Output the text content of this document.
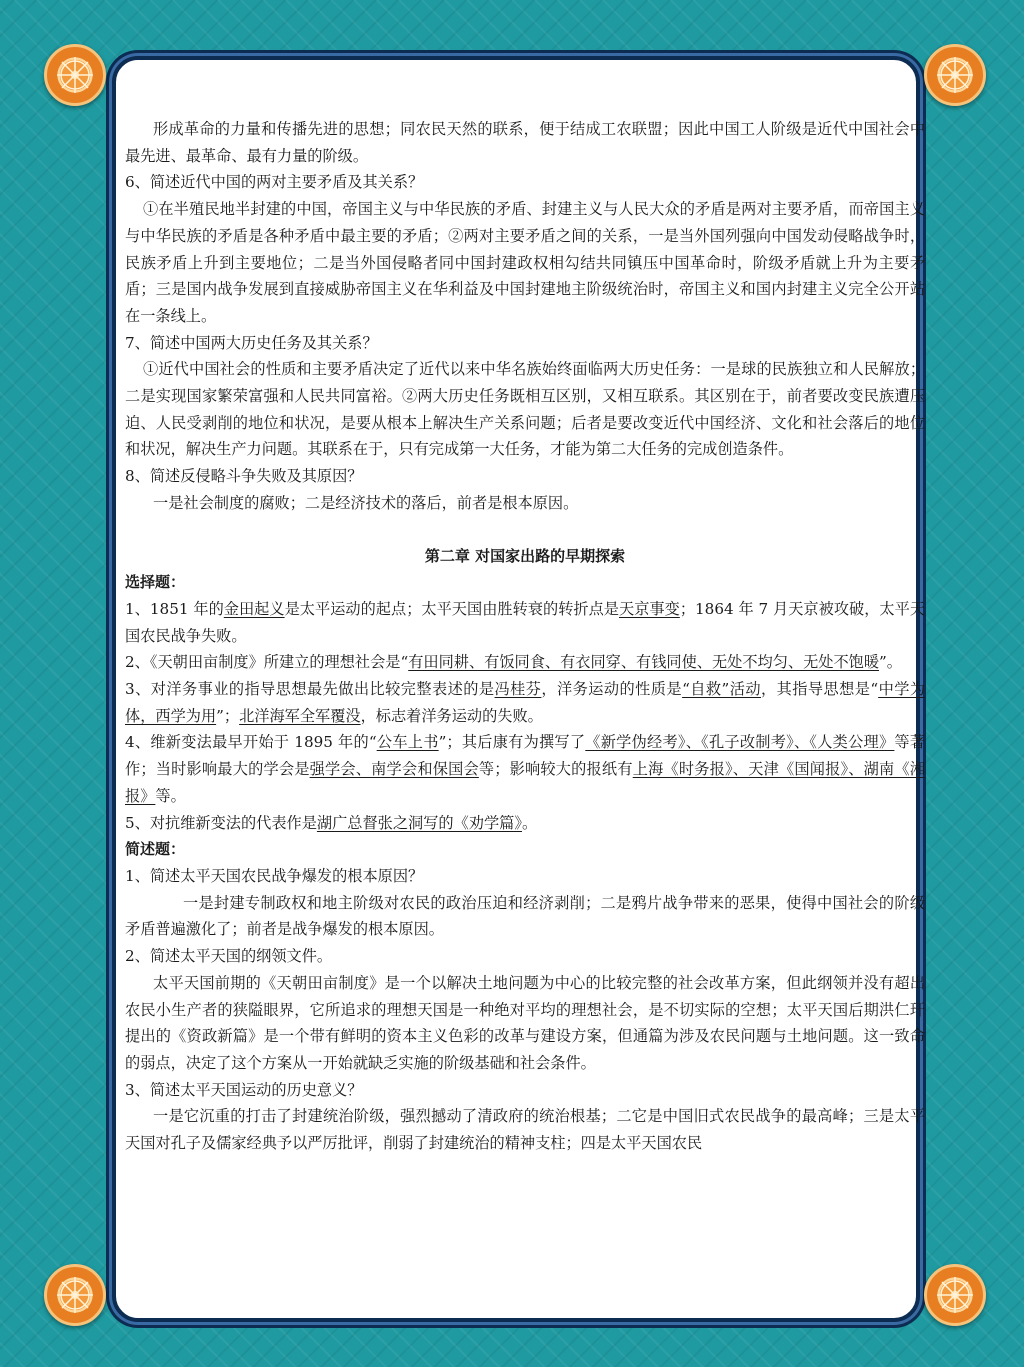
形成革命的力量和传播先进的思想；同农民天然的联系，便于结成工农联盟；因此中国工人阶级是近代中国社会中最先进、最革命、最有力量的阶级。

6、简述近代中国的两对主要矛盾及其关系？

①在半殖民地半封建的中国，帝国主义与中华民族的矛盾、封建主义与人民大众的矛盾是两对主要矛盾，而帝国主义与中华民族的矛盾是各种矛盾中最主要的矛盾；②两对主要矛盾之间的关系，一是当外国列强向中国发动侵略战争时，民族矛盾上升到主要地位；二是当外国侵略者同中国封建政权相勾结共同镇压中国革命时，阶级矛盾就上升为主要矛盾；三是国内战争发展到直接威胁帝国主义在华利益及中国封建地主阶级统治时，帝国主义和国内封建主义完全公开站在一条线上。

7、简述中国两大历史任务及其关系？

①近代中国社会的性质和主要矛盾决定了近代以来中华名族始终面临两大历史任务：一是球的民族独立和人民解放；二是实现国家繁荣富强和人民共同富裕。②两大历史任务既相互区别，又相互联系。其区别在于，前者要改变民族遭压迫、人民受剥削的地位和状况，是要从根本上解决生产关系问题；后者是要改变近代中国经济、文化和社会落后的地位和状况，解决生产力问题。其联系在于，只有完成第一大任务，才能为第二大任务的完成创造条件。

8、简述反侵略斗争失败及其原因？

一是社会制度的腐败；二是经济技术的落后，前者是根本原因。

第二章 对国家出路的早期探索

选择题：

1、1851 年的金田起义是太平运动的起点；太平天国由胜转衰的转折点是天京事变；1864 年 7 月天京被攻破，太平天国农民战争失败。

2、《天朝田亩制度》所建立的理想社会是“有田同耕、有饭同食、有衣同穿、有钱同使、无处不均匀、无处不饱暖”。

3、对洋务事业的指导思想最先做出比较完整表述的是冯桂芬，洋务运动的性质是“自救”活动，其指导思想是“中学为体，西学为用”；北洋海军全军覆没，标志着洋务运动的失败。

4、维新变法最早开始于 1895 年的“公车上书”；其后康有为撰写了《新学伪经考》、《孔子改制考》、《人类公理》等著作；当时影响最大的学会是强学会、南学会和保国会等；影响较大的报纸有上海《时务报》、天津《国闻报》、湖南《湘报》等。

5、对抗维新变法的代表作是湖广总督张之洞写的《劝学篇》。

简述题：

1、简述太平天国农民战争爆发的根本原因？

一是封建专制政权和地主阶级对农民的政治压迫和经济剥削；二是鸦片战争带来的恶果，使得中国社会的阶级矛盾普遍激化了；前者是战争爆发的根本原因。

2、简述太平天国的纲领文件。

太平天国前期的《天朝田亩制度》是一个以解决土地问题为中心的比较完整的社会改革方案，但此纲领并没有超出农民小生产者的狭隘眼界，它所追求的理想天国是一种绝对平均的理想社会，是不切实际的空想；太平天国后期洪仁玕提出的《资政新篇》是一个带有鲜明的资本主义色彩的改革与建设方案，但通篇为涉及农民问题与土地问题。这一致命的弱点，决定了这个方案从一开始就缺乏实施的阶级基础和社会条件。

3、简述太平天国运动的历史意义？

一是它沉重的打击了封建统治阶级，强烈撼动了清政府的统治根基；二它是中国旧式农民战争的最高峰；三是太平天国对孔子及儒家经典予以严厉批评，削弱了封建统治的精神支柱；四是太平天国农民
